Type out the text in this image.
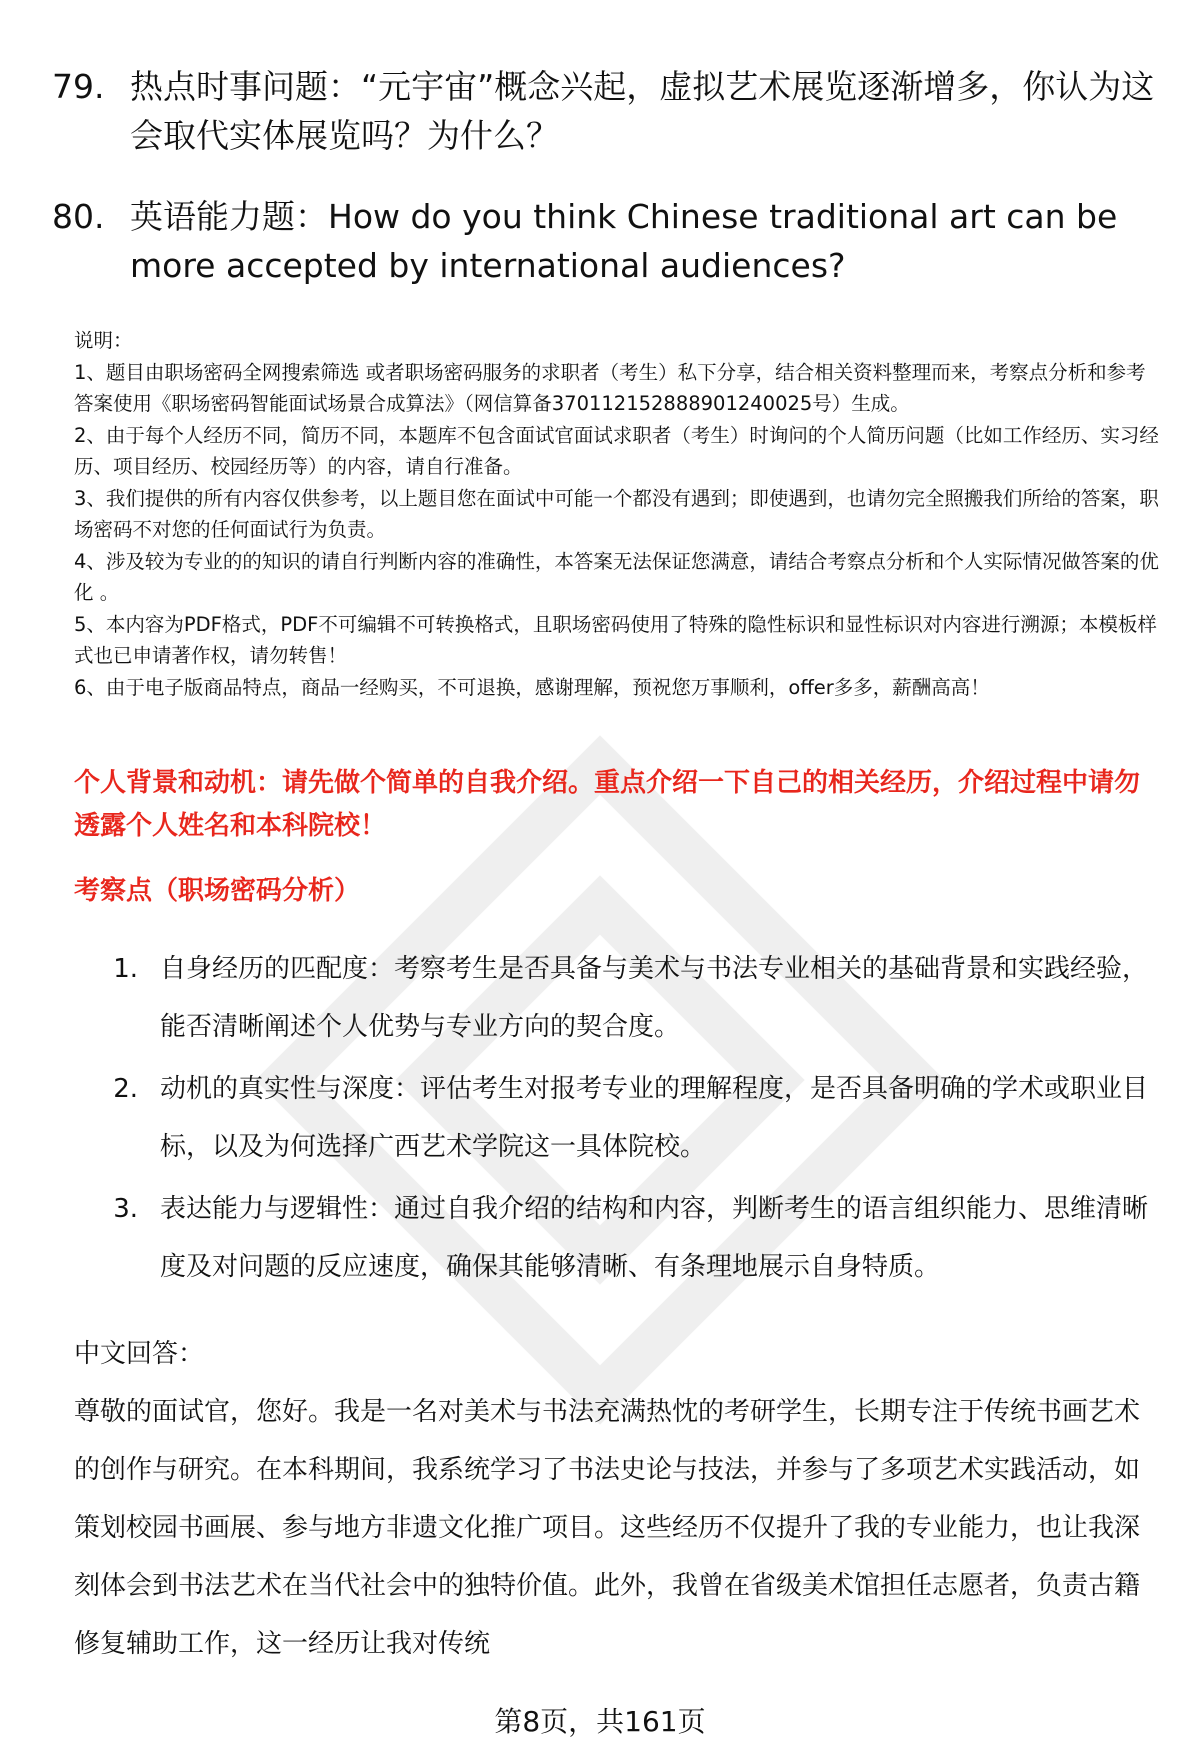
79. 热点时事问题：“元宇宙”概念兴起，虚拟艺术展览逐渐增多，你认为这会取代实体展览吗？为什么？
80. 英语能力题：How do you think Chinese traditional art can be more accepted by international audiences?

说明：

1、题目由职场密码全网搜索筛选 或者职场密码服务的求职者（考生）私下分享，结合相关资料整理而来，考察点分析和参考答案使用《职场密码智能面试场景合成算法》（网信算备370112152888901240025号）生成。

2、由于每个人经历不同，简历不同，本题库不包含面试官面试求职者（考生）时询问的个人简历问题（比如工作经历、实习经历、项目经历、校园经历等）的内容，请自行准备。

3、我们提供的所有内容仅供参考，以上题目您在面试中可能一个都没有遇到；即使遇到，也请勿完全照搬我们所给的答案，职场密码不对您的任何面试行为负责。

4、涉及较为专业的的知识的请自行判断内容的准确性，本答案无法保证您满意，请结合考察点分析和个人实际情况做答案的优化 。

5、本内容为PDF格式，PDF不可编辑不可转换格式，且职场密码使用了特殊的隐性标识和显性标识对内容进行溯源；本模板样式也已申请著作权，请勿转售！

6、由于电子版商品特点，商品一经购买，不可退换，感谢理解，预祝您万事顺利，offer多多，薪酬高高！

个人背景和动机：请先做个简单的自我介绍。重点介绍一下自己的相关经历，介绍过程中请勿透露个人姓名和本科院校！
考察点（职场密码分析）
1. 自身经历的匹配度：考察考生是否具备与美术与书法专业相关的基础背景和实践经验，能否清晰阐述个人优势与专业方向的契合度。
2. 动机的真实性与深度：评估考生对报考专业的理解程度，是否具备明确的学术或职业目标，以及为何选择广西艺术学院这一具体院校。
3. 表达能力与逻辑性：通过自我介绍的结构和内容，判断考生的语言组织能力、思维清晰度及对问题的反应速度，确保其能够清晰、有条理地展示自身特质。

中文回答：

尊敬的面试官，您好。我是一名对美术与书法充满热忱的考研学生，长期专注于传统书画艺术的创作与研究。在本科期间，我系统学习了书法史论与技法，并参与了多项艺术实践活动，如策划校园书画展、参与地方非遗文化推广项目。这些经历不仅提升了我的专业能力，也让我深刻体会到书法艺术在当代社会中的独特价值。此外，我曾在省级美术馆担任志愿者，负责古籍修复辅助工作，这一经历让我对传统

第8页，共161页
